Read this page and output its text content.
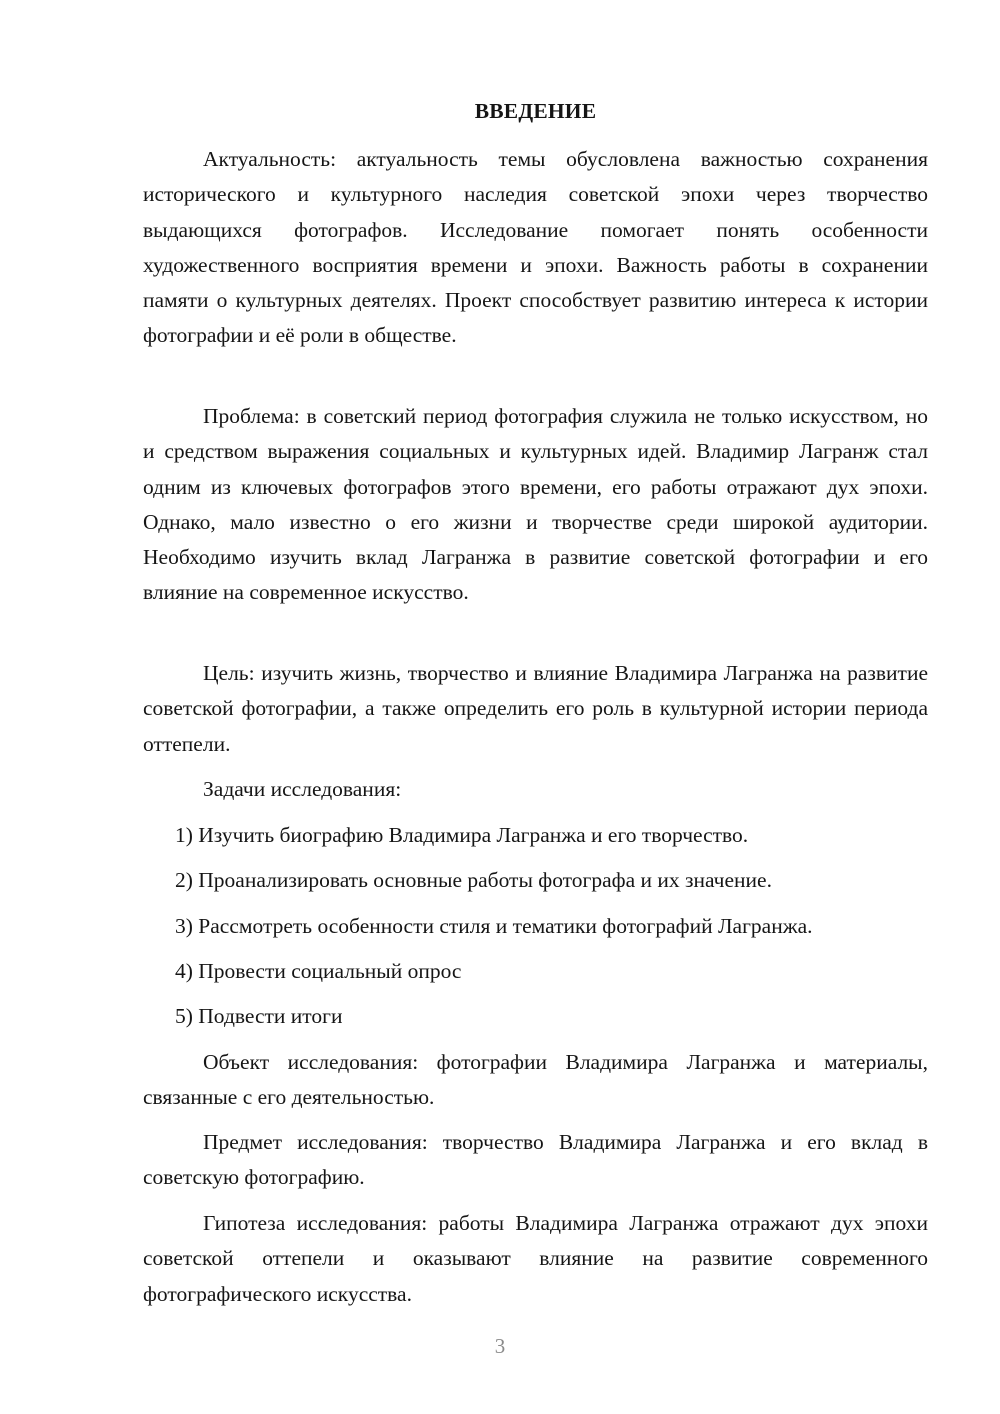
ВВЕДЕНИЕ

Актуальность: актуальность темы обусловлена важностью сохранения исторического и культурного наследия советской эпохи через творчество выдающихся фотографов. Исследование помогает понять особенности художественного восприятия времени и эпохи. Важность работы в сохранении памяти о культурных деятелях. Проект способствует развитию интереса к истории фотографии и её роли в обществе.

Проблема: в советский период фотография служила не только искусством, но и средством выражения социальных и культурных идей. Владимир Лагранж стал одним из ключевых фотографов этого времени, его работы отражают дух эпохи. Однако, мало известно о его жизни и творчестве среди широкой аудитории. Необходимо изучить вклад Лагранжа в развитие советской фотографии и его влияние на современное искусство.

Цель: изучить жизнь, творчество и влияние Владимира Лагранжа на развитие советской фотографии, а также определить его роль в культурной истории периода оттепели.

Задачи исследования:

1) Изучить биографию Владимира Лагранжа и его творчество.

2) Проанализировать основные работы фотографа и их значение.

3) Рассмотреть особенности стиля и тематики фотографий Лагранжа.

4) Провести социальный опрос

5) Подвести итоги

Объект исследования: фотографии Владимира Лагранжа и материалы, связанные с его деятельностью.

Предмет исследования: творчество Владимира Лагранжа и его вклад в советскую фотографию.

Гипотеза исследования: работы Владимира Лагранжа отражают дух эпохи советской оттепели и оказывают влияние на развитие современного фотографического искусства.

3
